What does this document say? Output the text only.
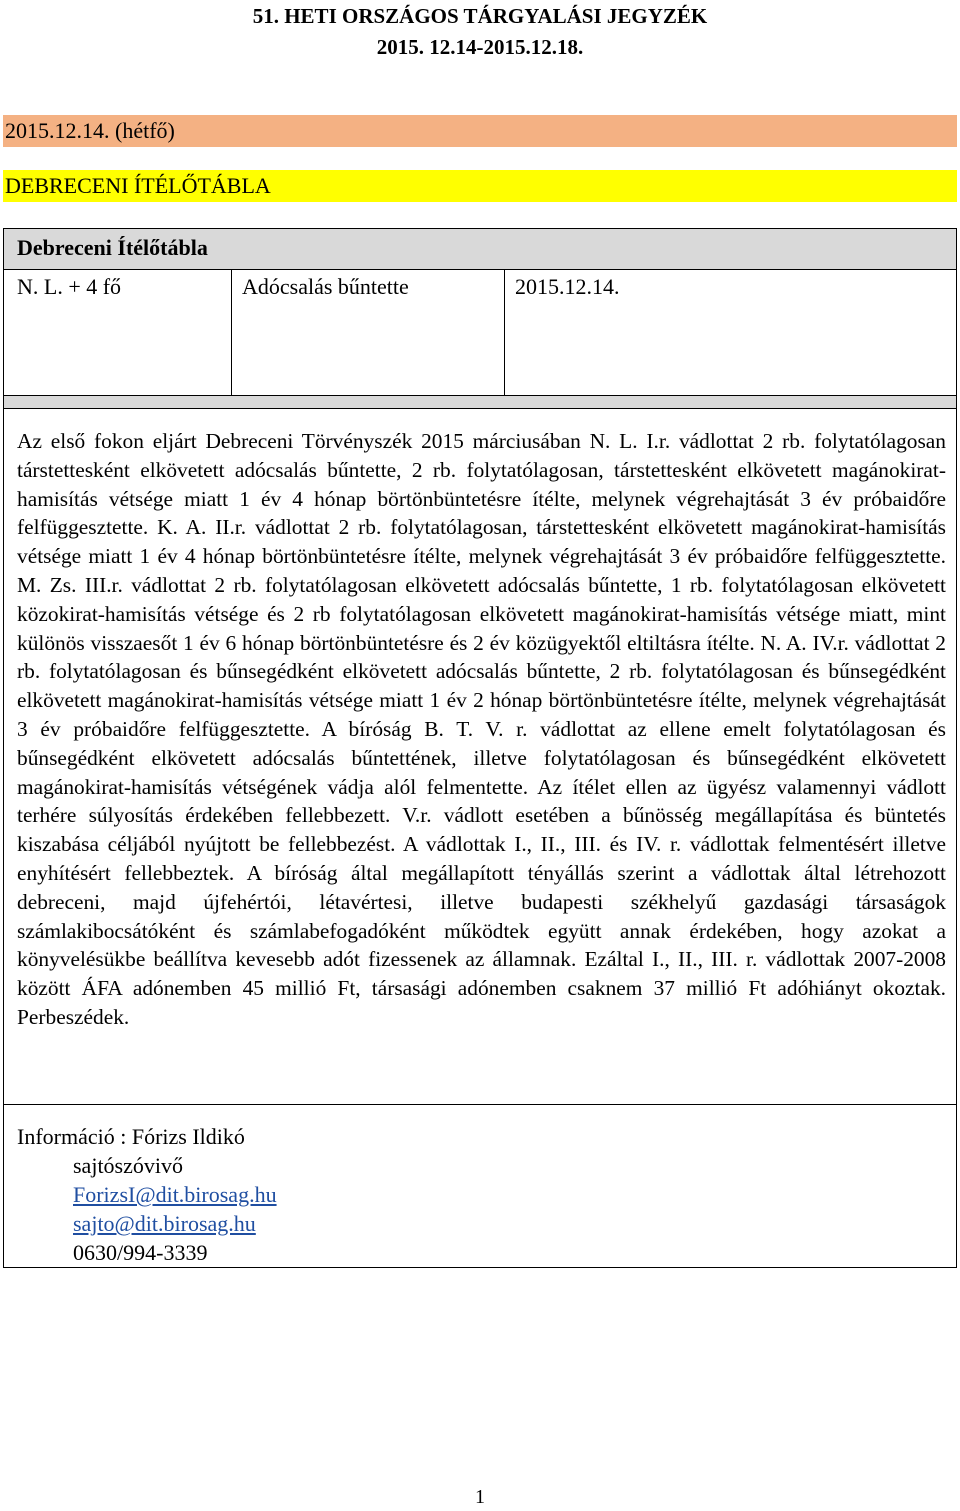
51. HETI ORSZÁGOS TÁRGYALÁSI JEGYZÉK
2015. 12.14-2015.12.18.
2015.12.14. (hétfő)
DEBRECENI ÍTÉLŐTÁBLA
Debreceni Ítélőtábla
N. L. + 4 fő	Adócsalás bűntette	2015.12.14.

Az első fokon eljárt Debreceni Törvényszék 2015 márciusában N. L. I.r. vádlottat 2 rb. folytatólagosan társtettesként elkövetett adócsalás bűntette, 2 rb. folytatólagosan, társtettesként elkövetett magánokirat-hamisítás vétsége miatt 1 év 4 hónap börtönbüntetésre ítélte, melynek végrehajtását 3 év próbaidőre felfüggesztette. K. A. II.r. vádlottat 2 rb. folytatólagosan, társtettesként elkövetett magánokirat-hamisítás vétsége miatt 1 év 4 hónap börtönbüntetésre ítélte, melynek végrehajtását 3 év próbaidőre felfüggesztette. M. Zs. III.r. vádlottat 2 rb. folytatólagosan elkövetett adócsalás bűntette, 1 rb. folytatólagosan elkövetett közokirat-hamisítás vétsége és 2 rb folytatólagosan elkövetett magánokirat-hamisítás vétsége miatt, mint különös visszaesőt 1 év 6 hónap börtönbüntetésre és 2 év közügyektől eltiltásra ítélte. N. A. IV.r. vádlottat 2 rb. folytatólagosan és bűnsegédként elkövetett adócsalás bűntette, 2 rb. folytatólagosan és bűnsegédként elkövetett magánokirat-hamisítás vétsége miatt 1 év 2 hónap börtönbüntetésre ítélte, melynek végrehajtását 3 év próbaidőre felfüggesztette. A bíróság B. T. V. r. vádlottat az ellene emelt folytatólagosan és bűnsegédként elkövetett adócsalás bűntettének, illetve folytatólagosan és bűnsegédként elkövetett magánokirat-hamisítás vétségének vádja alól felmentette. Az ítélet ellen az ügyész valamennyi vádlott terhére súlyosítás érdekében fellebbezett. V.r. vádlott esetében a bűnösség megállapítása és büntetés kiszabása céljából nyújtott be fellebbezést. A vádlottak I., II., III. és IV. r. vádlottak felmentésért illetve enyhítésért fellebbeztek. A bíróság által megállapított tényállás szerint a vádlottak által létrehozott debreceni, majd újfehértói, létavértesi, illetve budapesti székhelyű gazdasági társaságok számlakibocsátóként és számlabefogadóként működtek együtt annak érdekében, hogy azokat a könyvelésükbe beállítva kevesebb adót fizessenek az államnak. Ezáltal I., II., III. r. vádlottak 2007-2008 között ÁFA adónemben 45 millió Ft, társasági adónemben csaknem 37 millió Ft adóhiányt okoztak. Perbeszédek.

Információ : Fórizs Ildikó
sajtószóvivő
ForizsI@dit.birosag.hu
sajto@dit.birosag.hu
0630/994-3339
1
